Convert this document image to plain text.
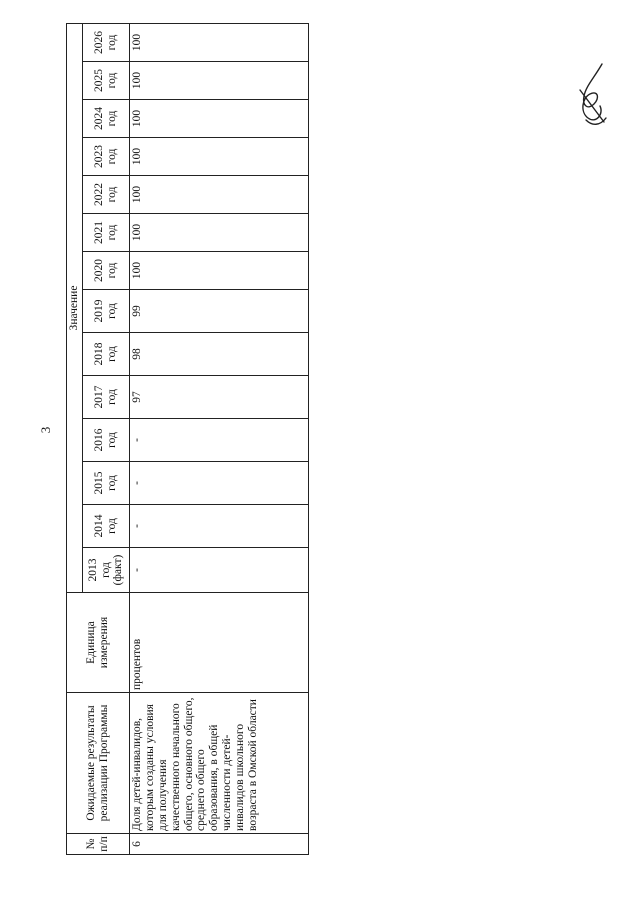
3
№ п/п	Ожидаемые результаты реализации Программы	Единица измерения	Значение													
			2013 год (факт)	2014 год	2015 год	2016 год	2017 год	2018 год	2019 год	2020 год	2021 год	2022 год	2023 год	2024 год	2025 год	2026 год
6	Доля детей-инвалидов, которым созданы условия для получения качественного начального общего, основного общего, среднего общего образования, в общей численности детей-инвалидов школьного возраста в Омской области	процентов	-	-	-	-	97	98	99	100	100	100	100	100	100	100
